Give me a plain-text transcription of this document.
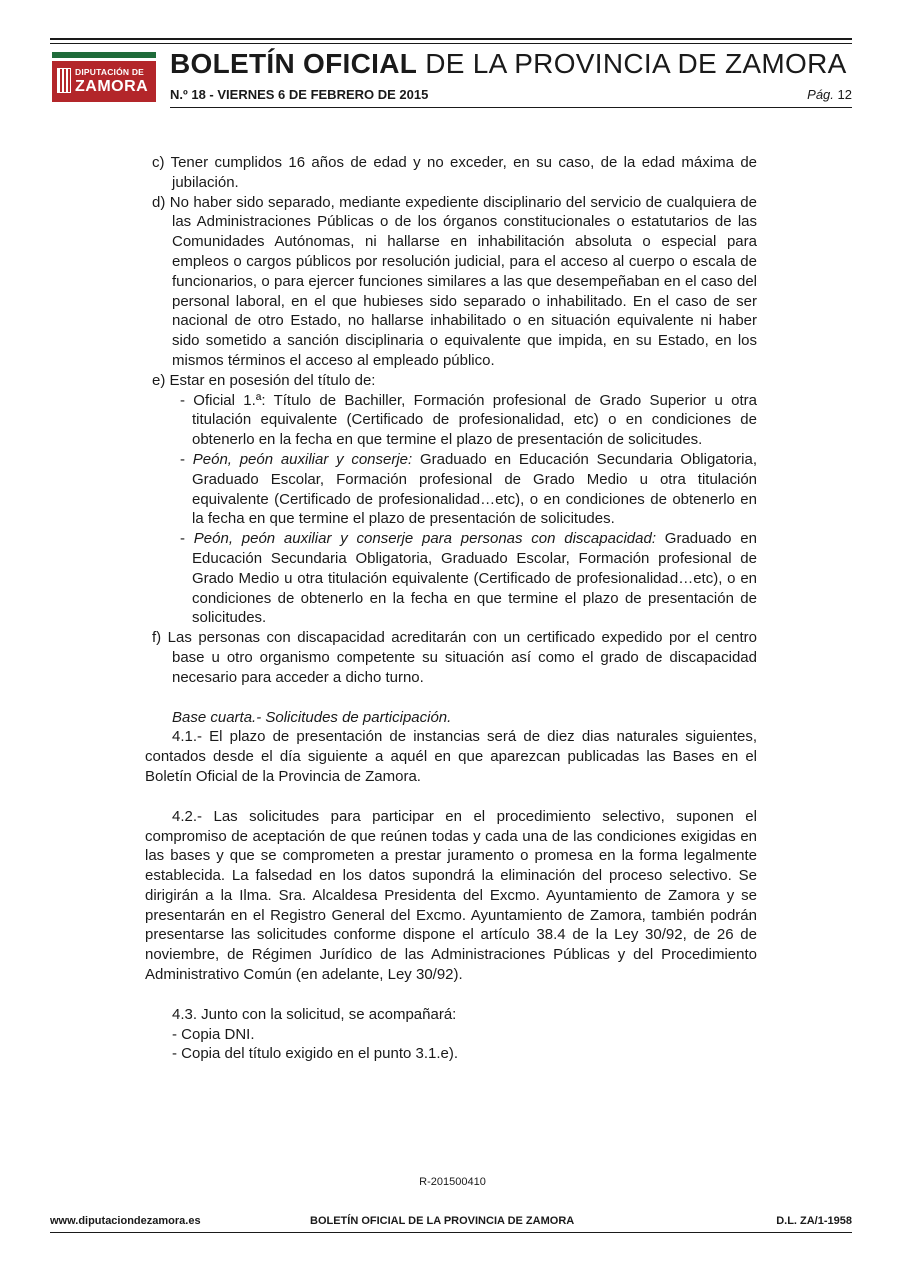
DIPUTACIÓN DE
ZAMORA
BOLETÍN OFICIAL DE LA PROVINCIA DE ZAMORA
N.º 18 - VIERNES 6 DE FEBRERO DE 2015	Pág. 12

c) Tener cumplidos 16 años de edad y no exceder, en su caso, de la edad máxima de jubilación.

d) No haber sido separado, mediante expediente disciplinario del servicio de cualquiera de las Administraciones Públicas o de los órganos constitucionales o estatutarios de las Comunidades Autónomas, ni hallarse en inhabilitación absoluta o especial para empleos o cargos públicos por resolución judicial, para el acceso al cuerpo o escala de funcionarios, o para ejercer funciones similares a las que desempeñaban en el caso del personal laboral, en el que hubieses sido separado o inhabilitado. En el caso de ser nacional de otro Estado, no hallarse inhabilitado o en situación equivalente ni haber sido sometido a sanción disciplinaria o equivalente que impida, en su Estado, en los mismos términos el acceso al empleado público.

e) Estar en posesión del título de:

- Oficial 1.ª: Título de Bachiller, Formación profesional de Grado Superior u otra titulación equivalente (Certificado de profesionalidad, etc) o en condiciones de obtenerlo en la fecha en que termine el plazo de presentación de solicitudes.

- Peón, peón auxiliar y conserje: Graduado en Educación Secundaria Obligatoria, Graduado Escolar, Formación profesional de Grado Medio u otra titulación equivalente (Certificado de profesionalidad…etc), o en condiciones de obtenerlo en la fecha en que termine el plazo de presentación de solicitudes.

- Peón, peón auxiliar y conserje para personas con discapacidad: Graduado en Educación Secundaria Obligatoria, Graduado Escolar, Formación profesional de Grado Medio u otra titulación equivalente (Certificado de profesionalidad…etc), o en condiciones de obtenerlo en la fecha en que termine el plazo de presentación de solicitudes.

f) Las personas con discapacidad acreditarán con un certificado expedido por el centro base u otro organismo competente su situación así como el grado de discapacidad necesario para acceder a dicho turno.

Base cuarta.- Solicitudes de participación.

4.1.- El plazo de presentación de instancias será de diez dias naturales siguientes, contados desde el día siguiente a aquél en que aparezcan publicadas las Bases en el Boletín Oficial de la Provincia de Zamora.

4.2.- Las solicitudes para participar en el procedimiento selectivo, suponen el compromiso de aceptación de que reúnen todas y cada una de las condiciones exigidas en las bases y que se comprometen a prestar juramento o promesa en la forma legalmente establecida. La falsedad en los datos supondrá la eliminación del proceso selectivo. Se dirigirán a la Ilma. Sra. Alcaldesa Presidenta del Excmo. Ayuntamiento de Zamora y se presentarán en el Registro General del Excmo. Ayuntamiento de Zamora, también podrán presentarse las solicitudes conforme dispone el artículo 38.4 de la Ley 30/92, de 26 de noviembre, de Régimen Jurídico de las Administraciones Públicas y del Procedimiento Administrativo Común (en adelante, Ley 30/92).

4.3. Junto con la solicitud, se acompañará:

- Copia DNI.

- Copia del título exigido en el punto 3.1.e).

R-201500410
www.diputaciondezamora.es	BOLETÍN OFICIAL DE LA PROVINCIA DE ZAMORA	D.L. ZA/1-1958
